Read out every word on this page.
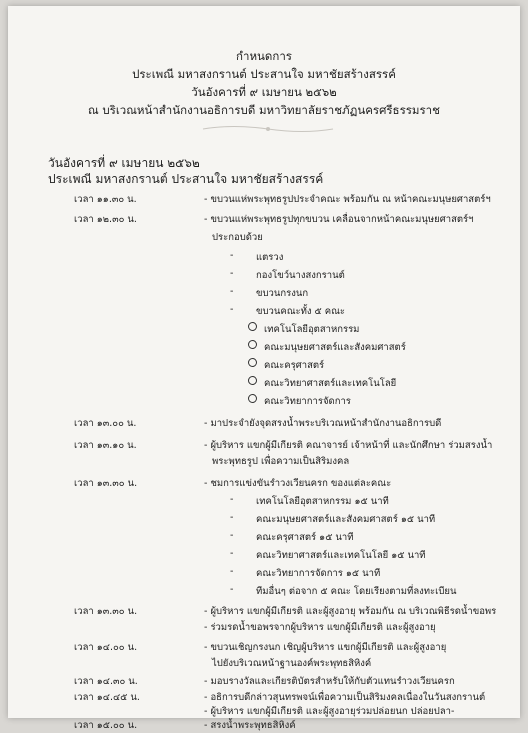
กำหนดการ
ประเพณี มหาสงกรานต์ ประสานใจ มหาชัยสร้างสรรค์
วันอังคารที่ ๙ เมษายน ๒๕๖๒
ณ บริเวณหน้าสำนักงานอธิการบดี มหาวิทยาลัยราชภัฏนครศรีธรรมราช
วันอังคารที่ ๙ เมษายน ๒๕๖๒
ประเพณี มหาสงกรานต์ ประสานใจ มหาชัยสร้างสรรค์
เวลา ๑๑.๓๐ น.	- ขบวนแห่พระพุทธรูปประจำคณะ พร้อมกัน ณ หน้าคณะมนุษยศาสตร์ฯ
เวลา ๑๒.๓๐ น.	- ขบวนแห่พระพุทธรูปทุกขบวน เคลื่อนจากหน้าคณะมนุษยศาสตร์ฯ
ประกอบด้วย
- แตรวง
- กองโขว์นางสงกรานต์
- ขบวนกรงนก
- ขบวนคณะทั้ง ๕ คณะ
เทคโนโลยีอุตสาหกรรม
คณะมนุษยศาสตร์และสังคมศาสตร์
คณะครุศาสตร์
คณะวิทยาศาสตร์และเทคโนโลยี
คณะวิทยาการจัดการ
เวลา ๑๓.๐๐ น.	- มาประจำยังจุดสรงน้ำพระบริเวณหน้าสำนักงานอธิการบดี
เวลา ๑๓.๑๐ น.	- ผู้บริหาร แขกผู้มีเกียรติ คณาจารย์ เจ้าหน้าที่ และนักศึกษา ร่วมสรงน้ำ
พระพุทธรูป เพื่อความเป็นสิริมงคล
เวลา ๑๓.๓๐ น.	- ชมการแข่งขันรำวงเวียนครก ของแต่ละคณะ
- เทคโนโลยีอุตสาหกรรม ๑๕ นาที
- คณะมนุษยศาสตร์และสังคมศาสตร์ ๑๕ นาที
- คณะครุศาสตร์ ๑๕ นาที
- คณะวิทยาศาสตร์และเทคโนโลยี ๑๕ นาที
- คณะวิทยาการจัดการ ๑๕ นาที
- ทีมอื่นๆ ต่อจาก ๕ คณะ โดยเรียงตามที่ลงทะเบียน
เวลา ๑๓.๓๐ น.	- ผู้บริหาร แขกผู้มีเกียรติ และผู้สูงอายุ พร้อมกัน ณ บริเวณพิธีรดน้ำขอพร
- ร่วมรดน้ำขอพรจากผู้บริหาร แขกผู้มีเกียรติ และผู้สูงอายุ
เวลา ๑๔.๐๐ น.	- ขบวนเชิญกรงนก เชิญผู้บริหาร แขกผู้มีเกียรติ และผู้สูงอายุ
ไปยังบริเวณหน้าฐานองค์พระพุทธสิหิงค์
เวลา ๑๔.๓๐ น.	- มอบรางวัลและเกียรติบัตรสำหรับให้กับตัวแทนรำวงเวียนครก
เวลา ๑๔.๔๕ น.	- อธิการบดีกล่าวสุนทรพจน์เพื่อความเป็นสิริมงคลเนื่องในวันสงกรานต์
- ผู้บริหาร แขกผู้มีเกียรติ และผู้สูงอายุร่วมปล่อยนก ปล่อยปลา-
เวลา ๑๕.๐๐ น.	- สรงน้ำพระพุทธสิหิงค์
